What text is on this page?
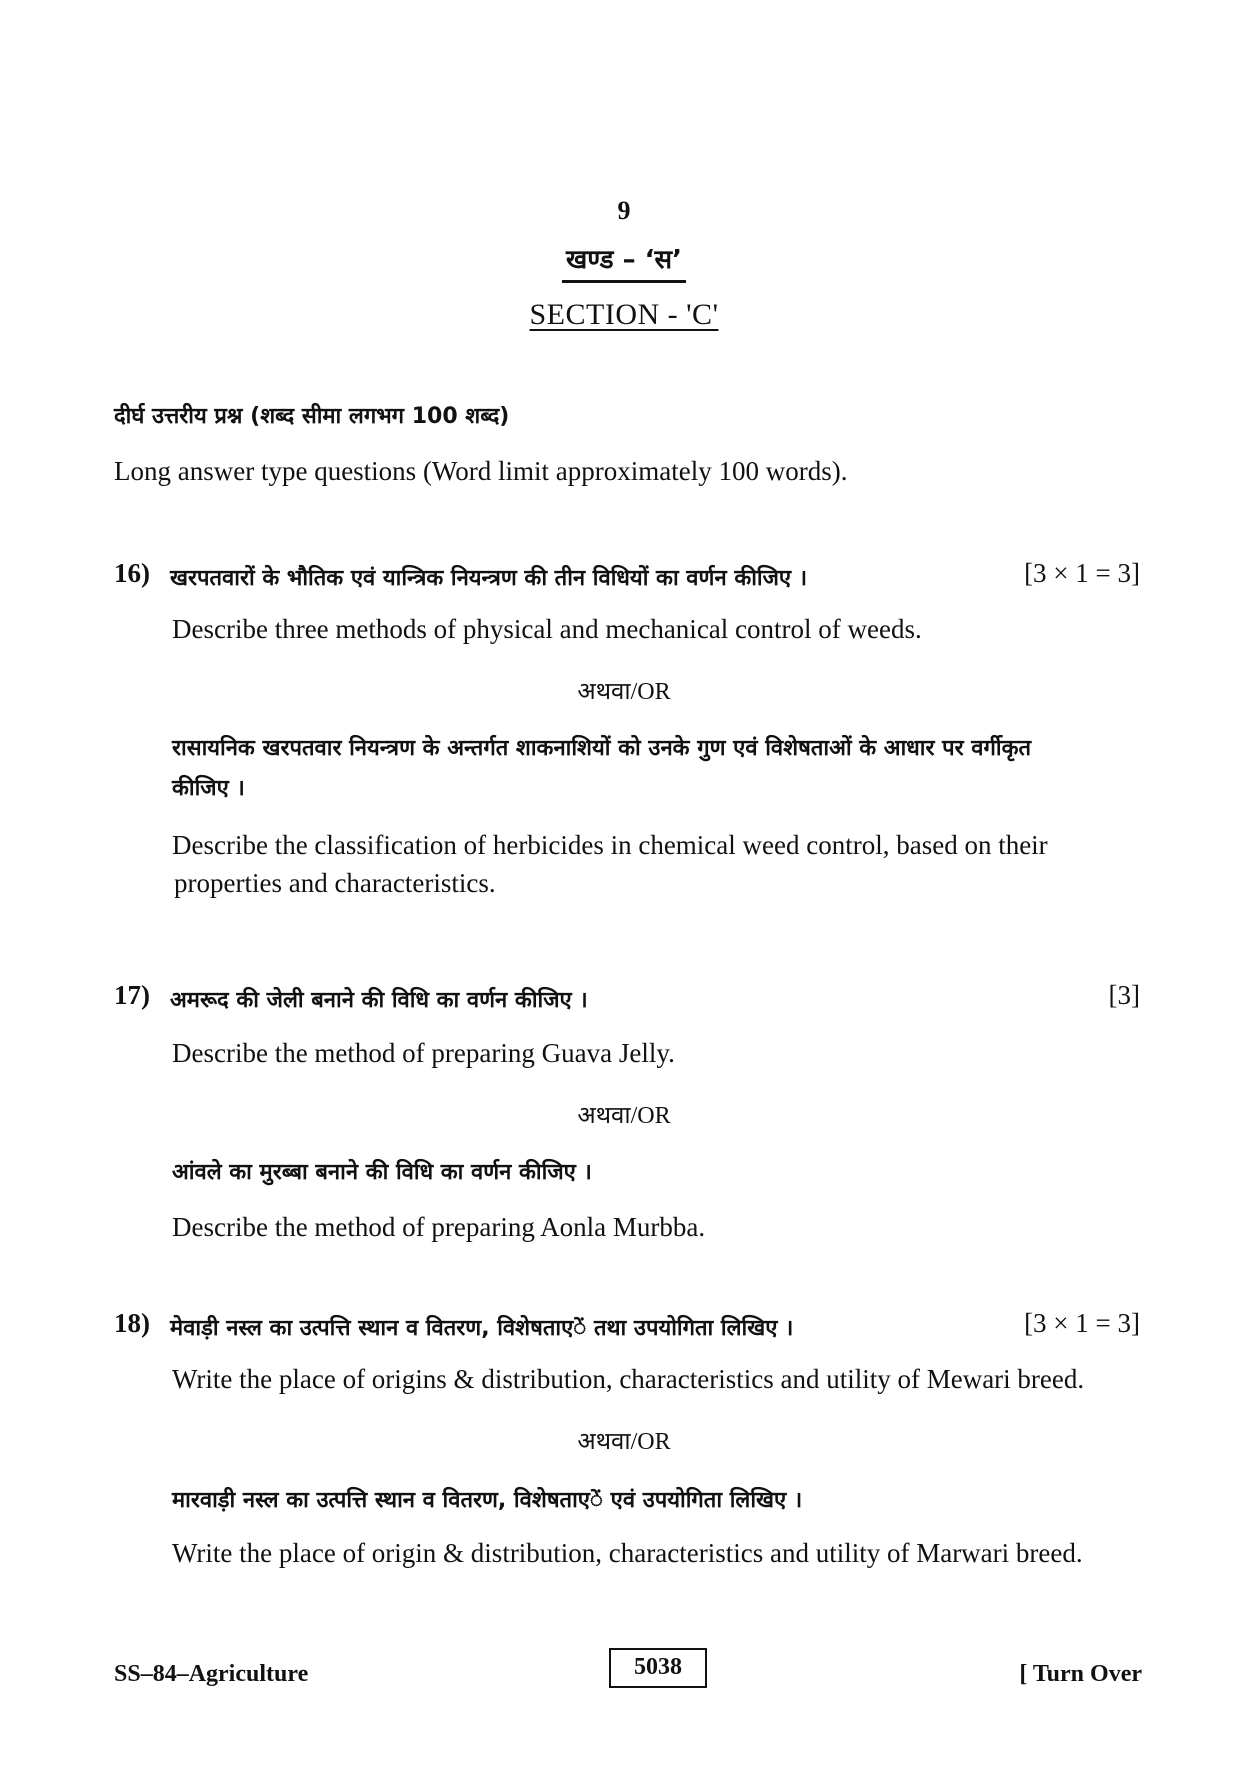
9
खण्ड – ‘स’
SECTION - 'C'
दीर्घ उत्तरीय प्रश्न (शब्द सीमा लगभग 100 शब्द)
Long answer type questions (Word limit approximately 100 words).
16) खरपतवारों के भौतिक एवं यान्त्रिक नियन्त्रण की तीन विधियों का वर्णन कीजिए ।	[3 × 1 = 3]
Describe three methods of physical and mechanical control of weeds.
अथवा/OR
रासायनिक खरपतवार नियन्त्रण के अन्तर्गत शाकनाशियों को उनके गुण एवं विशेषताओं के आधार पर वर्गीकृत
कीजिए ।
Describe the classification of herbicides in chemical weed control, based on their
properties and characteristics.
17) अमरूद की जेली बनाने की विधि का वर्णन कीजिए ।	[3]
Describe the method of preparing Guava Jelly.
अथवा/OR
आंवले का मुरब्बा बनाने की विधि का वर्णन कीजिए ।
Describe the method of preparing Aonla Murbba.
18) मेवाड़ी नस्ल का उत्पत्ति स्थान व वितरण, विशेषताएें तथा उपयोगिता लिखिए ।	[3 × 1 = 3]
Write the place of origins & distribution, characteristics and utility of Mewari breed.
अथवा/OR
मारवाड़ी नस्ल का उत्पत्ति स्थान व वितरण, विशेषताएें एवं उपयोगिता लिखिए ।
Write the place of origin & distribution, characteristics and utility of Marwari breed.
SS–84–Agriculture	5038	[ Turn Over
